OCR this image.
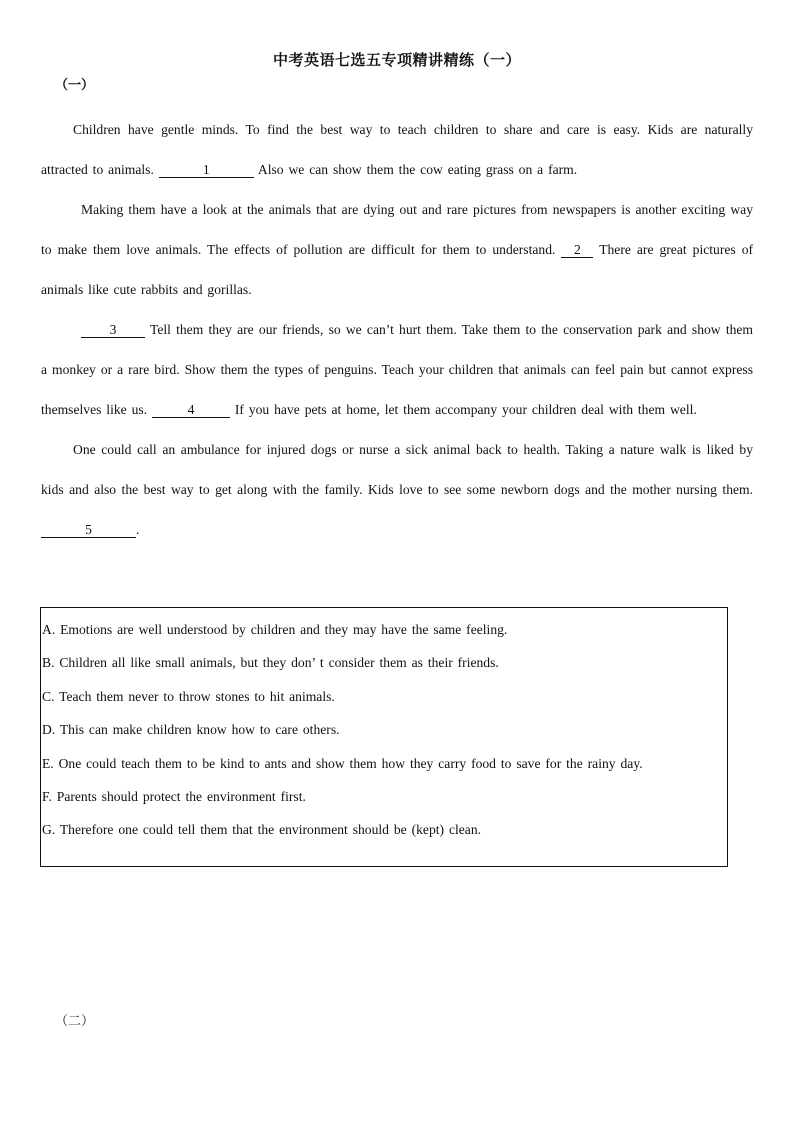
中考英语七选五专项精讲精练（一）
（一）

Children have gentle minds. To find the best way to teach children to share and care is easy. Kids are naturally attracted to animals.	1	Also we can show them the cow eating grass on a farm.

Making them have a look at the animals that are dying out and rare pictures from newspapers is another exciting way to make them love animals. The effects of pollution are difficult for them to understand. 2 There are great pictures of animals like cute rabbits and gorillas.

3 Tell them they are our friends, so we can’t hurt them. Take them to the conservation park and show them a monkey or a rare bird. Show them the types of penguins. Teach your children that animals can feel pain but cannot express themselves like us.	4	If you have pets at home, let them accompany your children deal with them well.

One could call an ambulance for injured dogs or nurse a sick animal back to health. Taking a nature walk is liked by kids and also the best way to get along with the family. Kids love to see some newborn dogs and the mother nursing them. 5	.

A. Emotions are well understood by children and they may have the same feeling.
B. Children all like small animals, but they don’ t consider them as their friends.
C. Teach them never to throw stones to hit animals.
D. This can make children know how to care others.
E. One could teach them to be kind to ants and show them how they carry food to save for the rainy day.
F. Parents should protect the environment first.
G. Therefore one could tell them that the environment should be (kept) clean.
（二）
